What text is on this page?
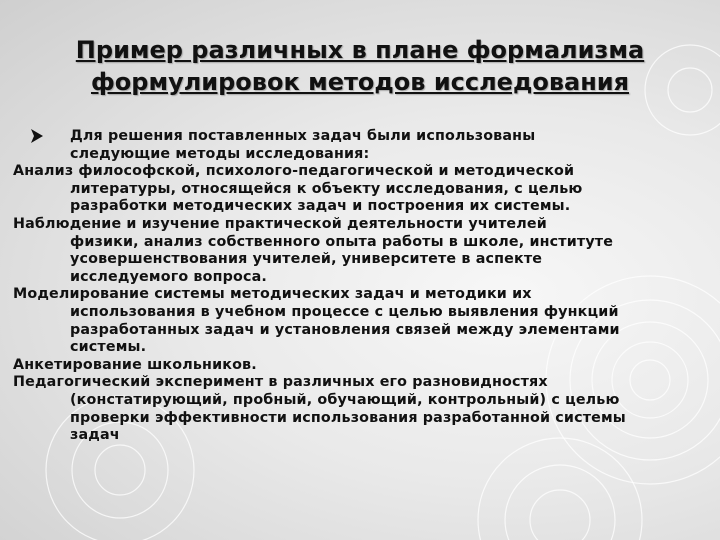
Пример различных в плане формализма
формулировок методов исследования

Для решения поставленных задач были использованы
следующие методы исследования:

Анализ философской, психолого-педагогической и методической
литературы, относящейся к объекту исследования, с целью
разработки методических задач и построения их системы.

Наблюдение и изучение практической деятельности учителей
физики, анализ собственного опыта работы в школе, институте
усовершенствования учителей, университете в аспекте
исследуемого вопроса.

Моделирование системы методических задач и методики их
использования в учебном процессе с целью выявления функций
разработанных задач и установления связей между элементами
системы.

Анкетирование школьников.

Педагогический эксперимент в различных его разновидностях
(констатирующий, пробный, обучающий, контрольный) с целью
проверки эффективности использования разработанной системы
задач
